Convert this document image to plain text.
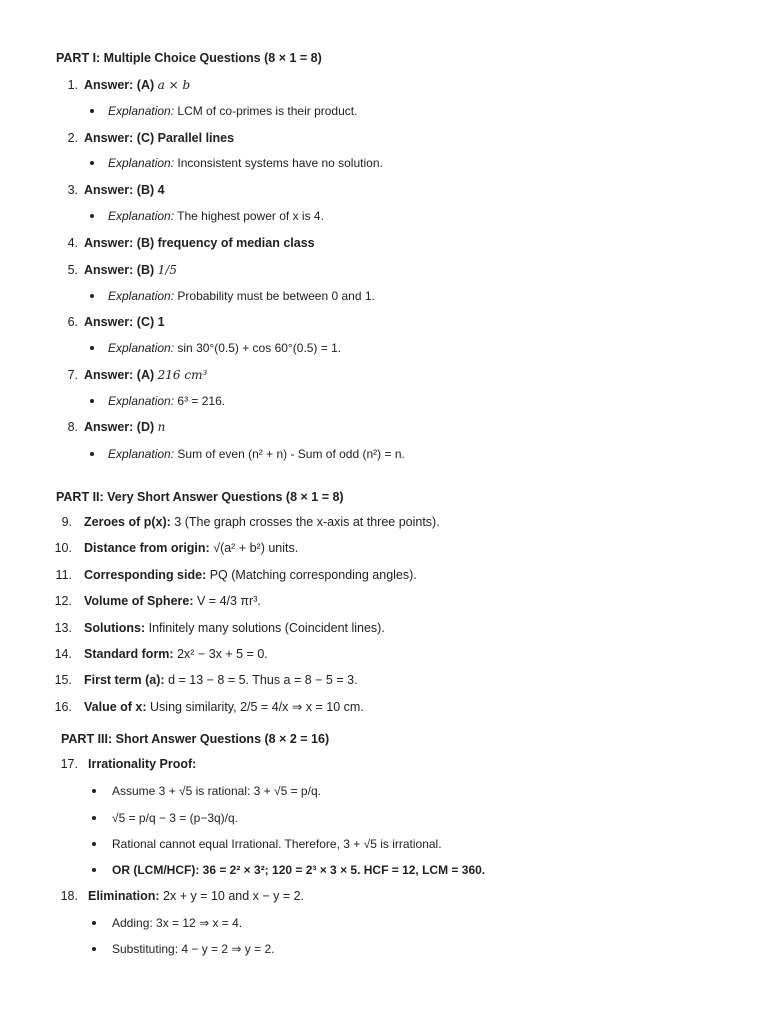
PART I: Multiple Choice Questions (8 × 1 = 8)
1. Answer: (A) a × b
Explanation: LCM of co-primes is their product.
2. Answer: (C) Parallel lines
Explanation: Inconsistent systems have no solution.
3. Answer: (B) 4
Explanation: The highest power of x is 4.
4. Answer: (B) frequency of median class
5. Answer: (B) 1/5
Explanation: Probability must be between 0 and 1.
6. Answer: (C) 1
Explanation: sin 30°(0.5) + cos 60°(0.5) = 1.
7. Answer: (A) 216 cm³
Explanation: 6³ = 216.
8. Answer: (D) n
Explanation: Sum of even (n² + n) - Sum of odd (n²) = n.
PART II: Very Short Answer Questions (8 × 1 = 8)
9. Zeroes of p(x): 3 (The graph crosses the x-axis at three points).
10. Distance from origin: √(a² + b²) units.
11. Corresponding side: PQ (Matching corresponding angles).
12. Volume of Sphere: V = 4/3 πr³.
13. Solutions: Infinitely many solutions (Coincident lines).
14. Standard form: 2x² − 3x + 5 = 0.
15. First term (a): d = 13 − 8 = 5. Thus a = 8 − 5 = 3.
16. Value of x: Using similarity, 2/5 = 4/x ⇒ x = 10 cm.
PART III: Short Answer Questions (8 × 2 = 16)
17. Irrationality Proof:
Assume 3 + √5 is rational: 3 + √5 = p/q.
√5 = p/q − 3 = (p−3q)/q.
Rational cannot equal Irrational. Therefore, 3 + √5 is irrational.
OR (LCM/HCF): 36 = 2² × 3²; 120 = 2³ × 3 × 5. HCF = 12, LCM = 360.
18. Elimination: 2x + y = 10 and x − y = 2.
Adding: 3x = 12 ⇒ x = 4.
Substituting: 4 − y = 2 ⇒ y = 2.
